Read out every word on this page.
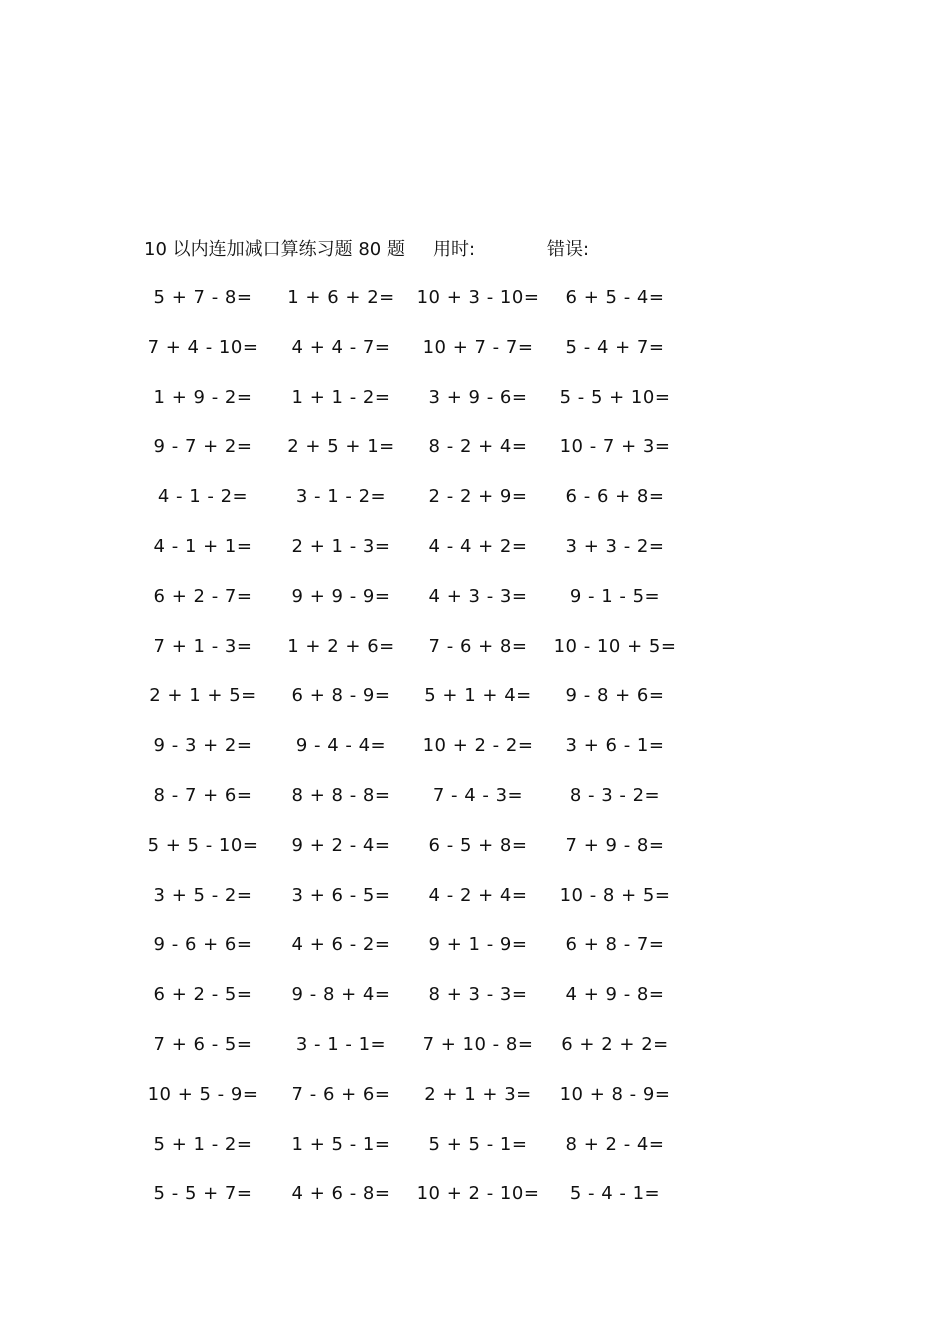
10 以内连加减口算练习题 80 题 用时:	错误:
5 + 7 - 8=	1 + 6 + 2=	10 + 3 - 10=	6 + 5 - 4=
7 + 4 - 10=	4 + 4 - 7=	10 + 7 - 7=	5 - 4 + 7=
1 + 9 - 2=	1 + 1 - 2=	3 + 9 - 6=	5 - 5 + 10=
9 - 7 + 2=	2 + 5 + 1=	8 - 2 + 4=	10 - 7 + 3=
4 - 1 - 2=	3 - 1 - 2=	2 - 2 + 9=	6 - 6 + 8=
4 - 1 + 1=	2 + 1 - 3=	4 - 4 + 2=	3 + 3 - 2=
6 + 2 - 7=	9 + 9 - 9=	4 + 3 - 3=	9 - 1 - 5=
7 + 1 - 3=	1 + 2 + 6=	7 - 6 + 8=	10 - 10 + 5=
2 + 1 + 5=	6 + 8 - 9=	5 + 1 + 4=	9 - 8 + 6=
9 - 3 + 2=	9 - 4 - 4=	10 + 2 - 2=	3 + 6 - 1=
8 - 7 + 6=	8 + 8 - 8=	7 - 4 - 3=	8 - 3 - 2=
5 + 5 - 10=	9 + 2 - 4=	6 - 5 + 8=	7 + 9 - 8=
3 + 5 - 2=	3 + 6 - 5=	4 - 2 + 4=	10 - 8 + 5=
9 - 6 + 6=	4 + 6 - 2=	9 + 1 - 9=	6 + 8 - 7=
6 + 2 - 5=	9 - 8 + 4=	8 + 3 - 3=	4 + 9 - 8=
7 + 6 - 5=	3 - 1 - 1=	7 + 10 - 8=	6 + 2 + 2=
10 + 5 - 9=	7 - 6 + 6=	2 + 1 + 3=	10 + 8 - 9=
5 + 1 - 2=	1 + 5 - 1=	5 + 5 - 1=	8 + 2 - 4=
5 - 5 + 7=	4 + 6 - 8=	10 + 2 - 10=	5 - 4 - 1=
